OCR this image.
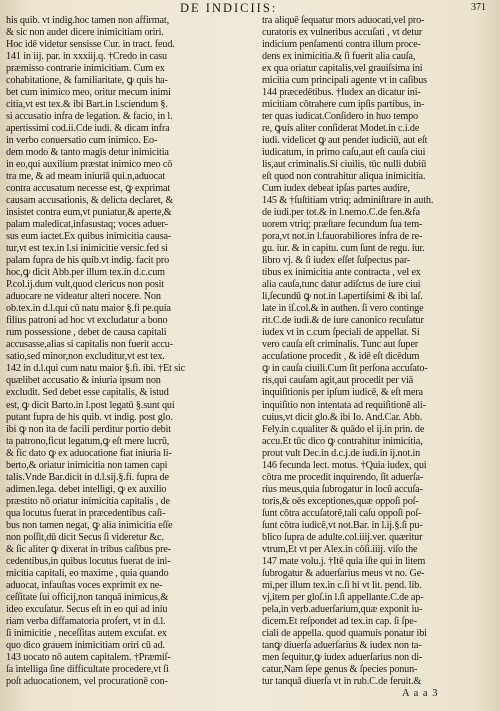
DE INDICIIS:	371
his quib. vt indig.hoc tamen non affirmat,
& sic non audet dicere inimicitiam oriri.
Hoc idē videtur sensisse Cur. in tract. feud.
141 in iij. par. in xxxiij.q. †Credo in casu
præmisso contrarie inimicitiam. Cum ex
cohabitatione, & familiaritate, ꝙ quis ha-
bet cum inimico meo, oritur mecum inimi
citia,vt est tex.& ibi Bart.in l.sciendum §.
si accusatio infra de legation. & facio, in l.
apertissimi cod.ii.Cde iudi. & dicam infra
in verbo conuersatio cum inimico. Eo-
dem modo & tanto magis detur inimicitia
in eo,qui auxilium præstat inimico meo cō
tra me, & ad meam iniuriā qui.n,aduocat
contra accusatum necesse est, ꝙ exprimat
causam accusationis, & delicta declaret, &
insistet contra eum,vt puniatur,& aperte,&
palam maledicat,infasustaq; voces aduer-
sus eum iactet.Ex quibus inimicitia causa-
tur,vt est tex.in l.si inimicitie versic.fed si
palam fupra de his quib.vt indig. facit pro
hoc,ꝙ dicit Abb.per illum tex.in d.c.cum
P.col.ij.dum vult,quod clericus non posit
aduocare ne videatur alteri nocere. Non
ob.tex.in d.l.qui cū natu maior §.fi pe.quia
filius patroni ad hoc vt excludatur a bono
rum possessione , debet de causa capitali
accusasse,alias si capitalis non fuerit accu-
satio,sed minor,non excluditur,vt est tex.
142 in d.l.qui cum natu maior §.fi. ibi. †Et sic
quælibet accusatio & iniuria ipsum non
excludit. Sed debet esse capitalis, & istud
est, ꝙ dicit Barto.in l.post legatū §.sunt qui
putant fupra de his quib. vt indig. post glo.
ibi ꝙ non ita de facili perditur portio debit
ta patrono,ficut legatum,ꝙ eſt mere lucrū,
& fic dato ꝙ ex aduocatione fiat iniuria li-
berto,& oriatur inimicitia non tamen capi
talis.Vnde Bar.dicit in d.l.sij.§.fi. fupra de
adimen.lega. debet intelligi, ꝙ ex auxilio
præstito nō oriatur inimicitia capitalis , de
qua locutus fuerat in præcedentibus caſi-
bus non tamen negat, ꝙ alia inimicitia eſſe
non poſſit,dū dicit Secus ſi videretur &c.
& ſic aliter ꝙ dixerat in tribus caſibus pre-
cedentibus,in quibus locutus fuerat de ini-
micitia capitali, eo maxime , quia quando
aduocat, infauſtas voces exprimit ex ne-
ceſſitate ſui officij,non tanquā inimicus,&
ideo excuſatur. Secus eſt in eo qui ad iniu
riam verba diffamatoria profert, vt in d.l.
ſi inimicitie , neceſſitas autem excuſat. ex
quo dico grauem inimicitiam oriri cū ad.
143 uocato nō autem capitalem. †Præmiſ-
ſa intelliga ſine difficultate procedere,vt ſi
poſt aduocationem, vel procurationē con-
tra aliquē ſequatur mors aduocati,vel pro-
curatoris ex vulneribus accuſati , vt detur
indicium penſamenti contra illum proce-
dens ex inimicitia.& ſi fuerit alia cauſa,
ex qua oriatur capitalis,vel grauiſsima ini
micitia cum principali agente vt in caſibus
144 præcedētibus. †Iudex an dicatur ini-
micitiam cōtrahere cum ipſis partibus, in-
ter quas iudicat.Conſidero in h̄uo tempo
re, ꝙuis aliter conſiderat Modet.in c.i.de
iudi. videlicet ꝙ aut pendet iudiciū, aut eſt
iudicatum, in primo caſu,aut eſt cauſa ciui
lis,aut criminalis.Si ciuilis, tūc nulli dubiū
eſt quod non contrahitur aliqua inimicitia.
Cum iudex debeat ipſas partes audire,
145 & †ſuſtitiam vtriq; adminiſtrare in auth.
de iudi.per tot.& in l.nemo.C.de fen.&fa
uorem vtriq; præſtare fecundum ſua tem-
pora,vt not.in l.fauorabiliores infra de re-
gu. iur. & in capitu. cum ſunt de regu. iur.
libro vj. & ſi iudex eſſet ſuſpectus par-
tibus ex inimicitia ante contracta , vel ex
alia cauſa,tunc datur adiſctus de iure ciui
li,ſecundū ꝙ not.in l.apertiſsimi & ibi laſ.
late in iſ.col.& in authen. ſi vero continge
rit.C.de iudi.& de iure canonico recuſatur
iudex vt in c.cum ſpeciali de appellat. Si
vero cauſa eſt criminalis. Tunc aut ſuper
accuſatione procedit , & idē eſt dicēdum
ꝙ in cauſa ciuili.Cum ſit perſona accuſato-
ris,qui cauſam agit,aut procedit per viā
inquiſitionis per ipſum iudicē, & eſt mera
inquiſitio non intentata ad requiſitionē ali-
cuius,vt dicit glo.& ibi Io. And.Car. Abb.
Fely.in c.qualiter & quādo el ij.in prin. de
accu.Et tūc dico ꝙ contrahitur inimicitia,
prout vult Dec.in d.c.j.de iudi.in ij.not.in
146 fecunda lect. motus. †Quia iudex, qui
cōtra me procedit inquirendo, ſit aduerſa-
rius meus,quia ſubrogatur in locū accuſa-
toris,& oēs exceptiones,quæ oppoſi poſ-
ſunt cōtra accuſatorē,tali caſu oppoſi poſ-
ſunt cōtra iudicē,vt not.Bar. in l.ij.§.ſi pu-
blico ſupra de adulte.col.iiij.ver. quæritur
vtrum,Et vt per Alex.in cōſi.iiij. viſo the
147 mate volu.j. †Itē quia iſte qui in litem
ſubrogatur & aduerſarius meus vt no. Ge-
mi,per illum tex.in c.ſi hi vt lit. pend. lib.
vj,item per gloſ.in l.ſi appellante.C.de ap-
pela,in verb.aduerſarium,quæ exponit iu-
dicem.Et reſpondet ad tex.in cap. ſi ſpe-
ciali de appella. quod quamuis ponatur ibi
tanꝙ diuerſa aduerſarius & iudex non ta-
men ſequitur,ꝙ iudex aduerſarius non di-
catur,Nam ſepe genus & ſpecies ponun-
tur tanquā diuerſa vt in rub.C.de feruit.&
A a a 3
